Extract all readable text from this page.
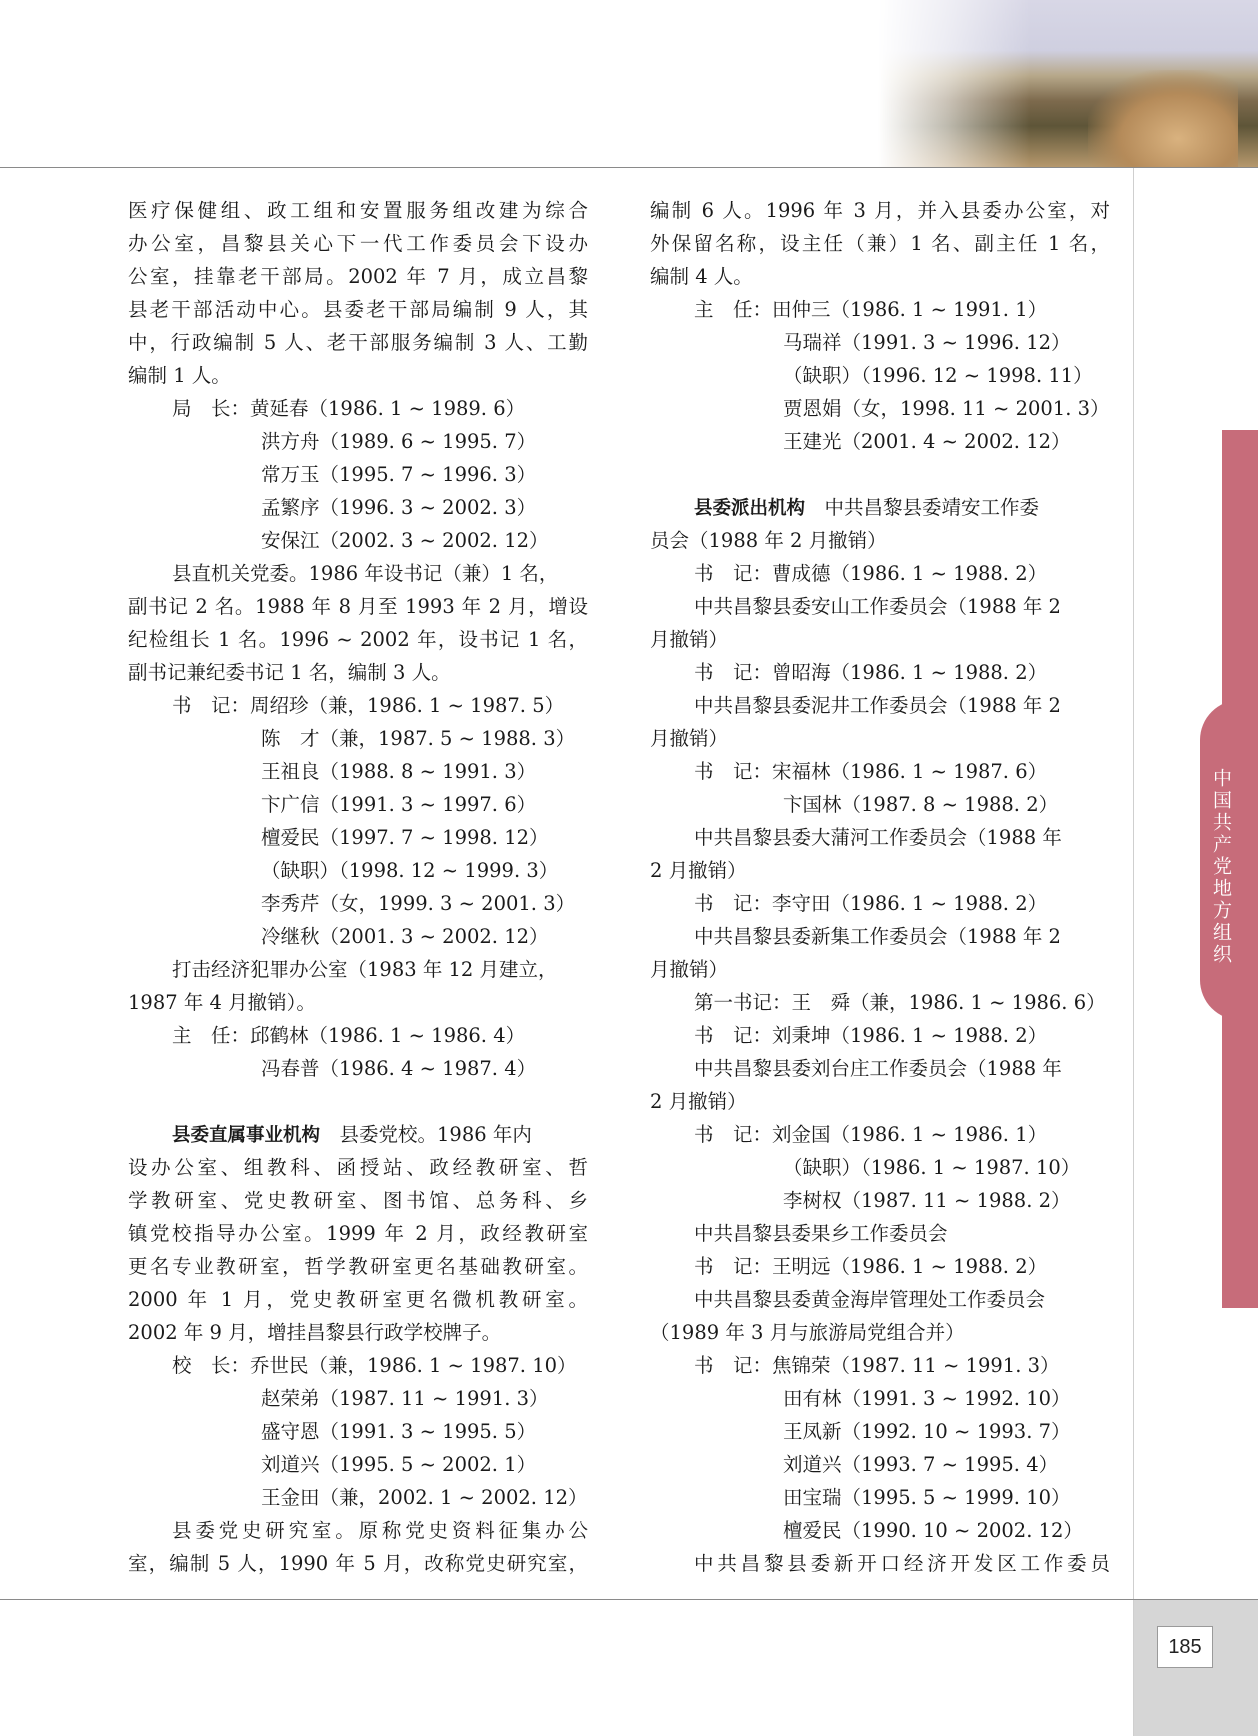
中国共产党地方组织
185
医疗保健组、政工组和安置服务组改建为综合
办公室，昌黎县关心下一代工作委员会下设办
公室，挂靠老干部局。2002 年 7 月，成立昌黎
县老干部活动中心。县委老干部局编制 9 人，其
中，行政编制 5 人、老干部服务编制 3 人、工勤
编制 1 人。
局　长：黄延春（1986. 1 ~ 1989. 6）
洪方舟（1989. 6 ~ 1995. 7）
常万玉（1995. 7 ~ 1996. 3）
孟繁序（1996. 3 ~ 2002. 3）
安保江（2002. 3 ~ 2002. 12）
县直机关党委。1986 年设书记（兼）1 名，
副书记 2 名。1988 年 8 月至 1993 年 2 月，增设
纪检组长 1 名。1996 ~ 2002 年，设书记 1 名，
副书记兼纪委书记 1 名，编制 3 人。
书　记：周绍珍（兼，1986. 1 ~ 1987. 5）
陈　才（兼，1987. 5 ~ 1988. 3）
王祖良（1988. 8 ~ 1991. 3）
卞广信（1991. 3 ~ 1997. 6）
檀爱民（1997. 7 ~ 1998. 12）
（缺职）（1998. 12 ~ 1999. 3）
李秀芹（女，1999. 3 ~ 2001. 3）
冷继秋（2001. 3 ~ 2002. 12）
打击经济犯罪办公室（1983 年 12 月建立，
1987 年 4 月撤销）。
主　任：邱鹤林（1986. 1 ~ 1986. 4）
冯春普（1986. 4 ~ 1987. 4）
县委直属事业机构　县委党校。1986 年内
设办公室、组教科、函授站、政经教研室、哲
学教研室、党史教研室、图书馆、总务科、乡
镇党校指导办公室。1999 年 2 月，政经教研室
更名专业教研室，哲学教研室更名基础教研室。
2000 年 1 月，党史教研室更名微机教研室。
2002 年 9 月，增挂昌黎县行政学校牌子。
校　长：乔世民（兼，1986. 1 ~ 1987. 10）
赵荣弟（1987. 11 ~ 1991. 3）
盛守恩（1991. 3 ~ 1995. 5）
刘道兴（1995. 5 ~ 2002. 1）
王金田（兼，2002. 1 ~ 2002. 12）
县委党史研究室。原称党史资料征集办公
室，编制 5 人，1990 年 5 月，改称党史研究室，
编制 6 人。1996 年 3 月，并入县委办公室，对
外保留名称，设主任（兼）1 名、副主任 1 名，
编制 4 人。
主　任：田仲三（1986. 1 ~ 1991. 1）
马瑞祥（1991. 3 ~ 1996. 12）
（缺职）（1996. 12 ~ 1998. 11）
贾恩娟（女，1998. 11 ~ 2001. 3）
王建光（2001. 4 ~ 2002. 12）
县委派出机构　中共昌黎县委靖安工作委
员会（1988 年 2 月撤销）
书　记：曹成德（1986. 1 ~ 1988. 2）
中共昌黎县委安山工作委员会（1988 年 2
月撤销）
书　记：曾昭海（1986. 1 ~ 1988. 2）
中共昌黎县委泥井工作委员会（1988 年 2
月撤销）
书　记：宋福林（1986. 1 ~ 1987. 6）
卞国林（1987. 8 ~ 1988. 2）
中共昌黎县委大蒲河工作委员会（1988 年
2 月撤销）
书　记：李守田（1986. 1 ~ 1988. 2）
中共昌黎县委新集工作委员会（1988 年 2
月撤销）
第一书记：王　舜（兼，1986. 1 ~ 1986. 6）
书　记：刘秉坤（1986. 1 ~ 1988. 2）
中共昌黎县委刘台庄工作委员会（1988 年
2 月撤销）
书　记：刘金国（1986. 1 ~ 1986. 1）
（缺职）（1986. 1 ~ 1987. 10）
李树权（1987. 11 ~ 1988. 2）
中共昌黎县委果乡工作委员会
书　记：王明远（1986. 1 ~ 1988. 2）
中共昌黎县委黄金海岸管理处工作委员会
（1989 年 3 月与旅游局党组合并）
书　记：焦锦荣（1987. 11 ~ 1991. 3）
田有林（1991. 3 ~ 1992. 10）
王凤新（1992. 10 ~ 1993. 7）
刘道兴（1993. 7 ~ 1995. 4）
田宝瑞（1995. 5 ~ 1999. 10）
檀爱民（1990. 10 ~ 2002. 12）
中共昌黎县委新开口经济开发区工作委员
